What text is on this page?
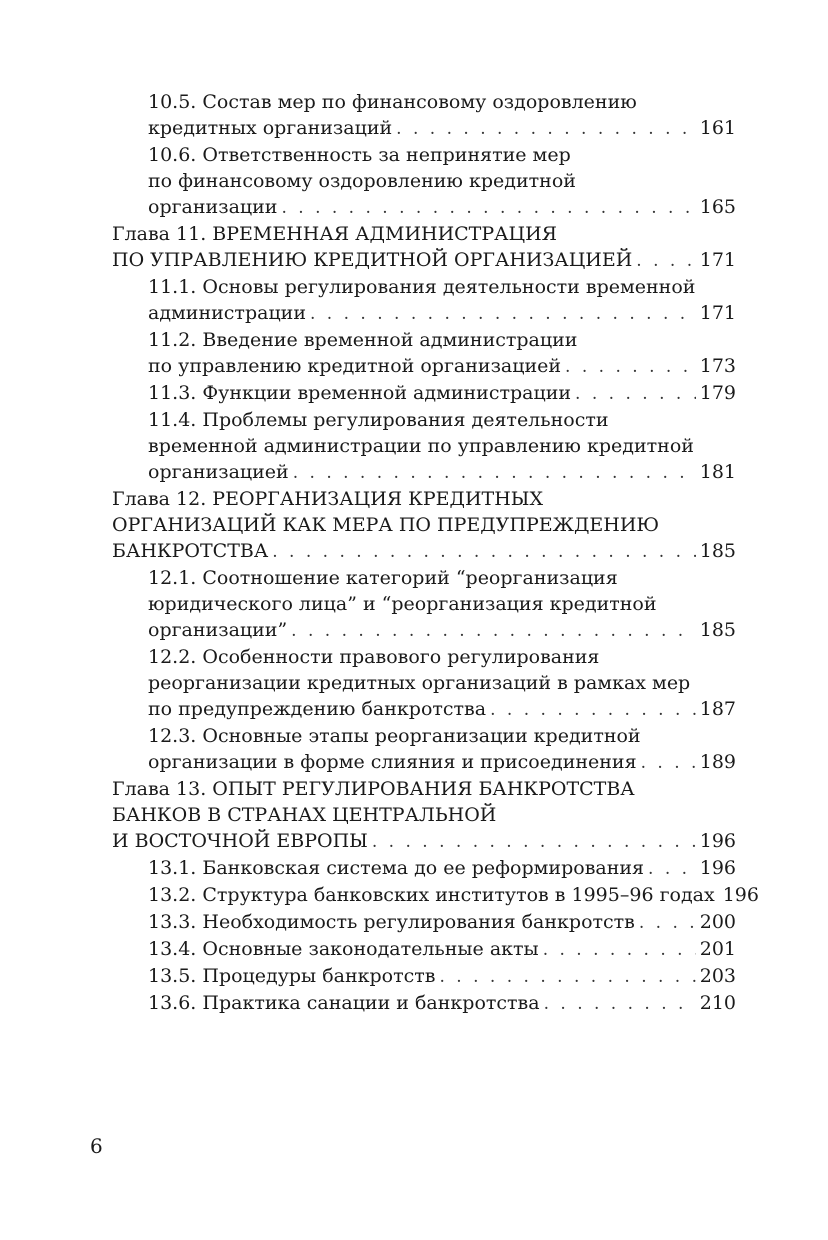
10.5. Состав мер по финансовому оздоровлению
кредитных организаций . . .	161
10.6. Ответственность за непринятие мер
по финансовому оздоровлению кредитной
организации . . .	165
Глава 11. ВРЕМЕННАЯ АДМИНИСТРАЦИЯ
ПО УПРАВЛЕНИЮ КРЕДИТНОЙ ОРГАНИЗАЦИЕЙ . . .	171
11.1. Основы регулирования деятельности временной
администрации . . .	171
11.2. Введение временной администрации
по управлению кредитной организацией . . .	173
11.3. Функции временной администрации . . .	179
11.4. Проблемы регулирования деятельности
временной администрации по управлению кредитной
организацией . . .	181
Глава 12. РЕОРГАНИЗАЦИЯ КРЕДИТНЫХ
ОРГАНИЗАЦИЙ КАК МЕРА ПО ПРЕДУПРЕЖДЕНИЮ
БАНКРОТСТВА . . .	185
12.1. Соотношение категорий “реорганизация
юридического лица” и “реорганизация кредитной
организации” . . .	185
12.2. Особенности правового регулирования
реорганизации кредитных организаций в рамках мер
по предупреждению банкротства . . .	187
12.3. Основные этапы реорганизации кредитной
организации в форме слияния и присоединения . . .	189
Глава 13. ОПЫТ РЕГУЛИРОВАНИЯ БАНКРОТСТВА
БАНКОВ В СТРАНАХ ЦЕНТРАЛЬНОЙ
И ВОСТОЧНОЙ ЕВРОПЫ . . .	196
13.1. Банковская система до ее реформирования . . .	196
13.2. Структура банковских институтов в 1995–96 годах 196
13.3. Необходимость регулирования банкротств . . .	200
13.4. Основные законодательные акты . . .	201
13.5. Процедуры банкротств . . .	203
13.6. Практика санации и банкротства . . .	210
6
